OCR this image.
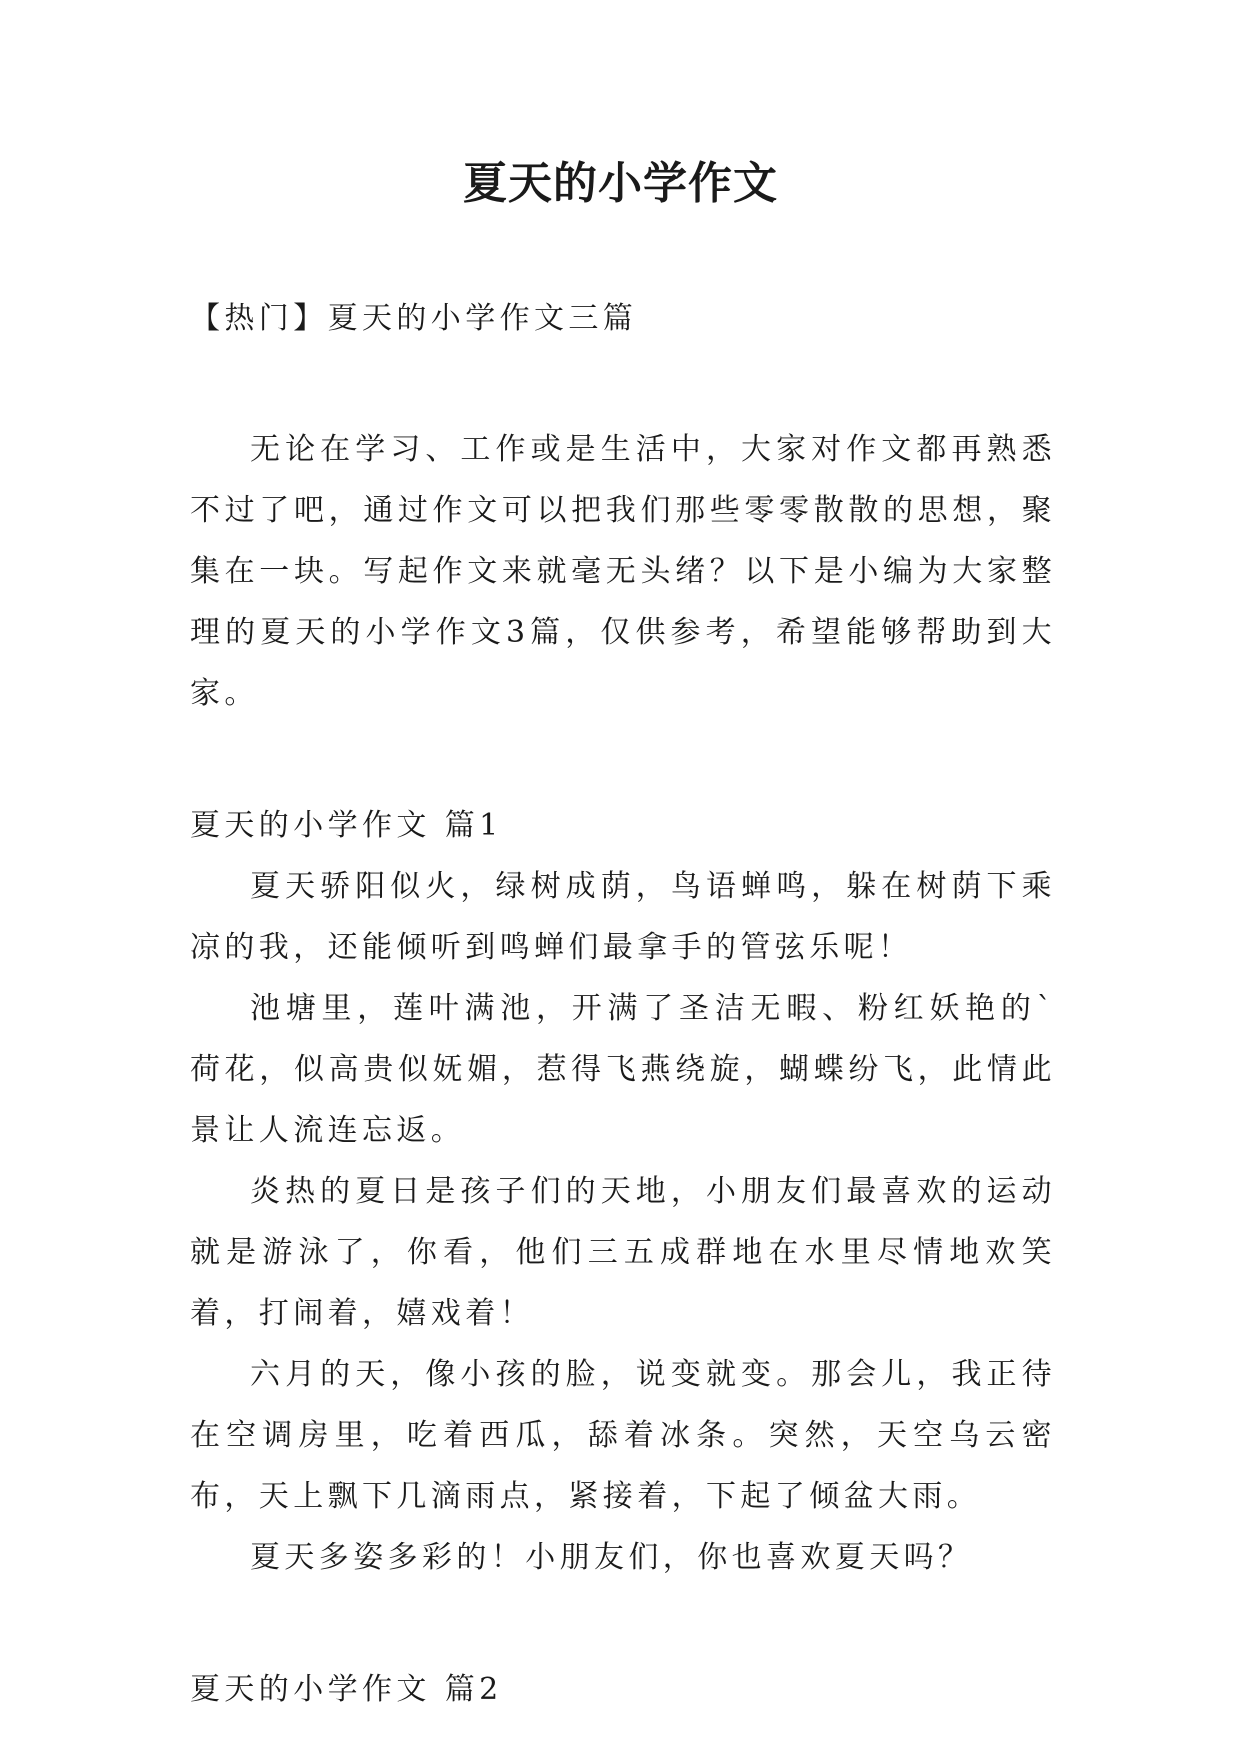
夏天的小学作文

【热门】夏天的小学作文三篇

无论在学习、工作或是生活中，大家对作文都再熟悉不过了吧，通过作文可以把我们那些零零散散的思想，聚集在一块。写起作文来就毫无头绪？以下是小编为大家整理的夏天的小学作文3篇，仅供参考，希望能够帮助到大家。

夏天的小学作文 篇1

夏天骄阳似火，绿树成荫，鸟语蝉鸣，躲在树荫下乘凉的我，还能倾听到鸣蝉们最拿手的管弦乐呢！

池塘里，莲叶满池，开满了圣洁无暇、粉红妖艳的`荷花，似高贵似妩媚，惹得飞燕绕旋，蝴蝶纷飞，此情此景让人流连忘返。

炎热的夏日是孩子们的天地，小朋友们最喜欢的运动就是游泳了，你看，他们三五成群地在水里尽情地欢笑着，打闹着，嬉戏着！

六月的天，像小孩的脸，说变就变。那会儿，我正待在空调房里，吃着西瓜，舔着冰条。突然，天空乌云密布，天上飘下几滴雨点，紧接着，下起了倾盆大雨。

夏天多姿多彩的！小朋友们，你也喜欢夏天吗？

夏天的小学作文 篇2
